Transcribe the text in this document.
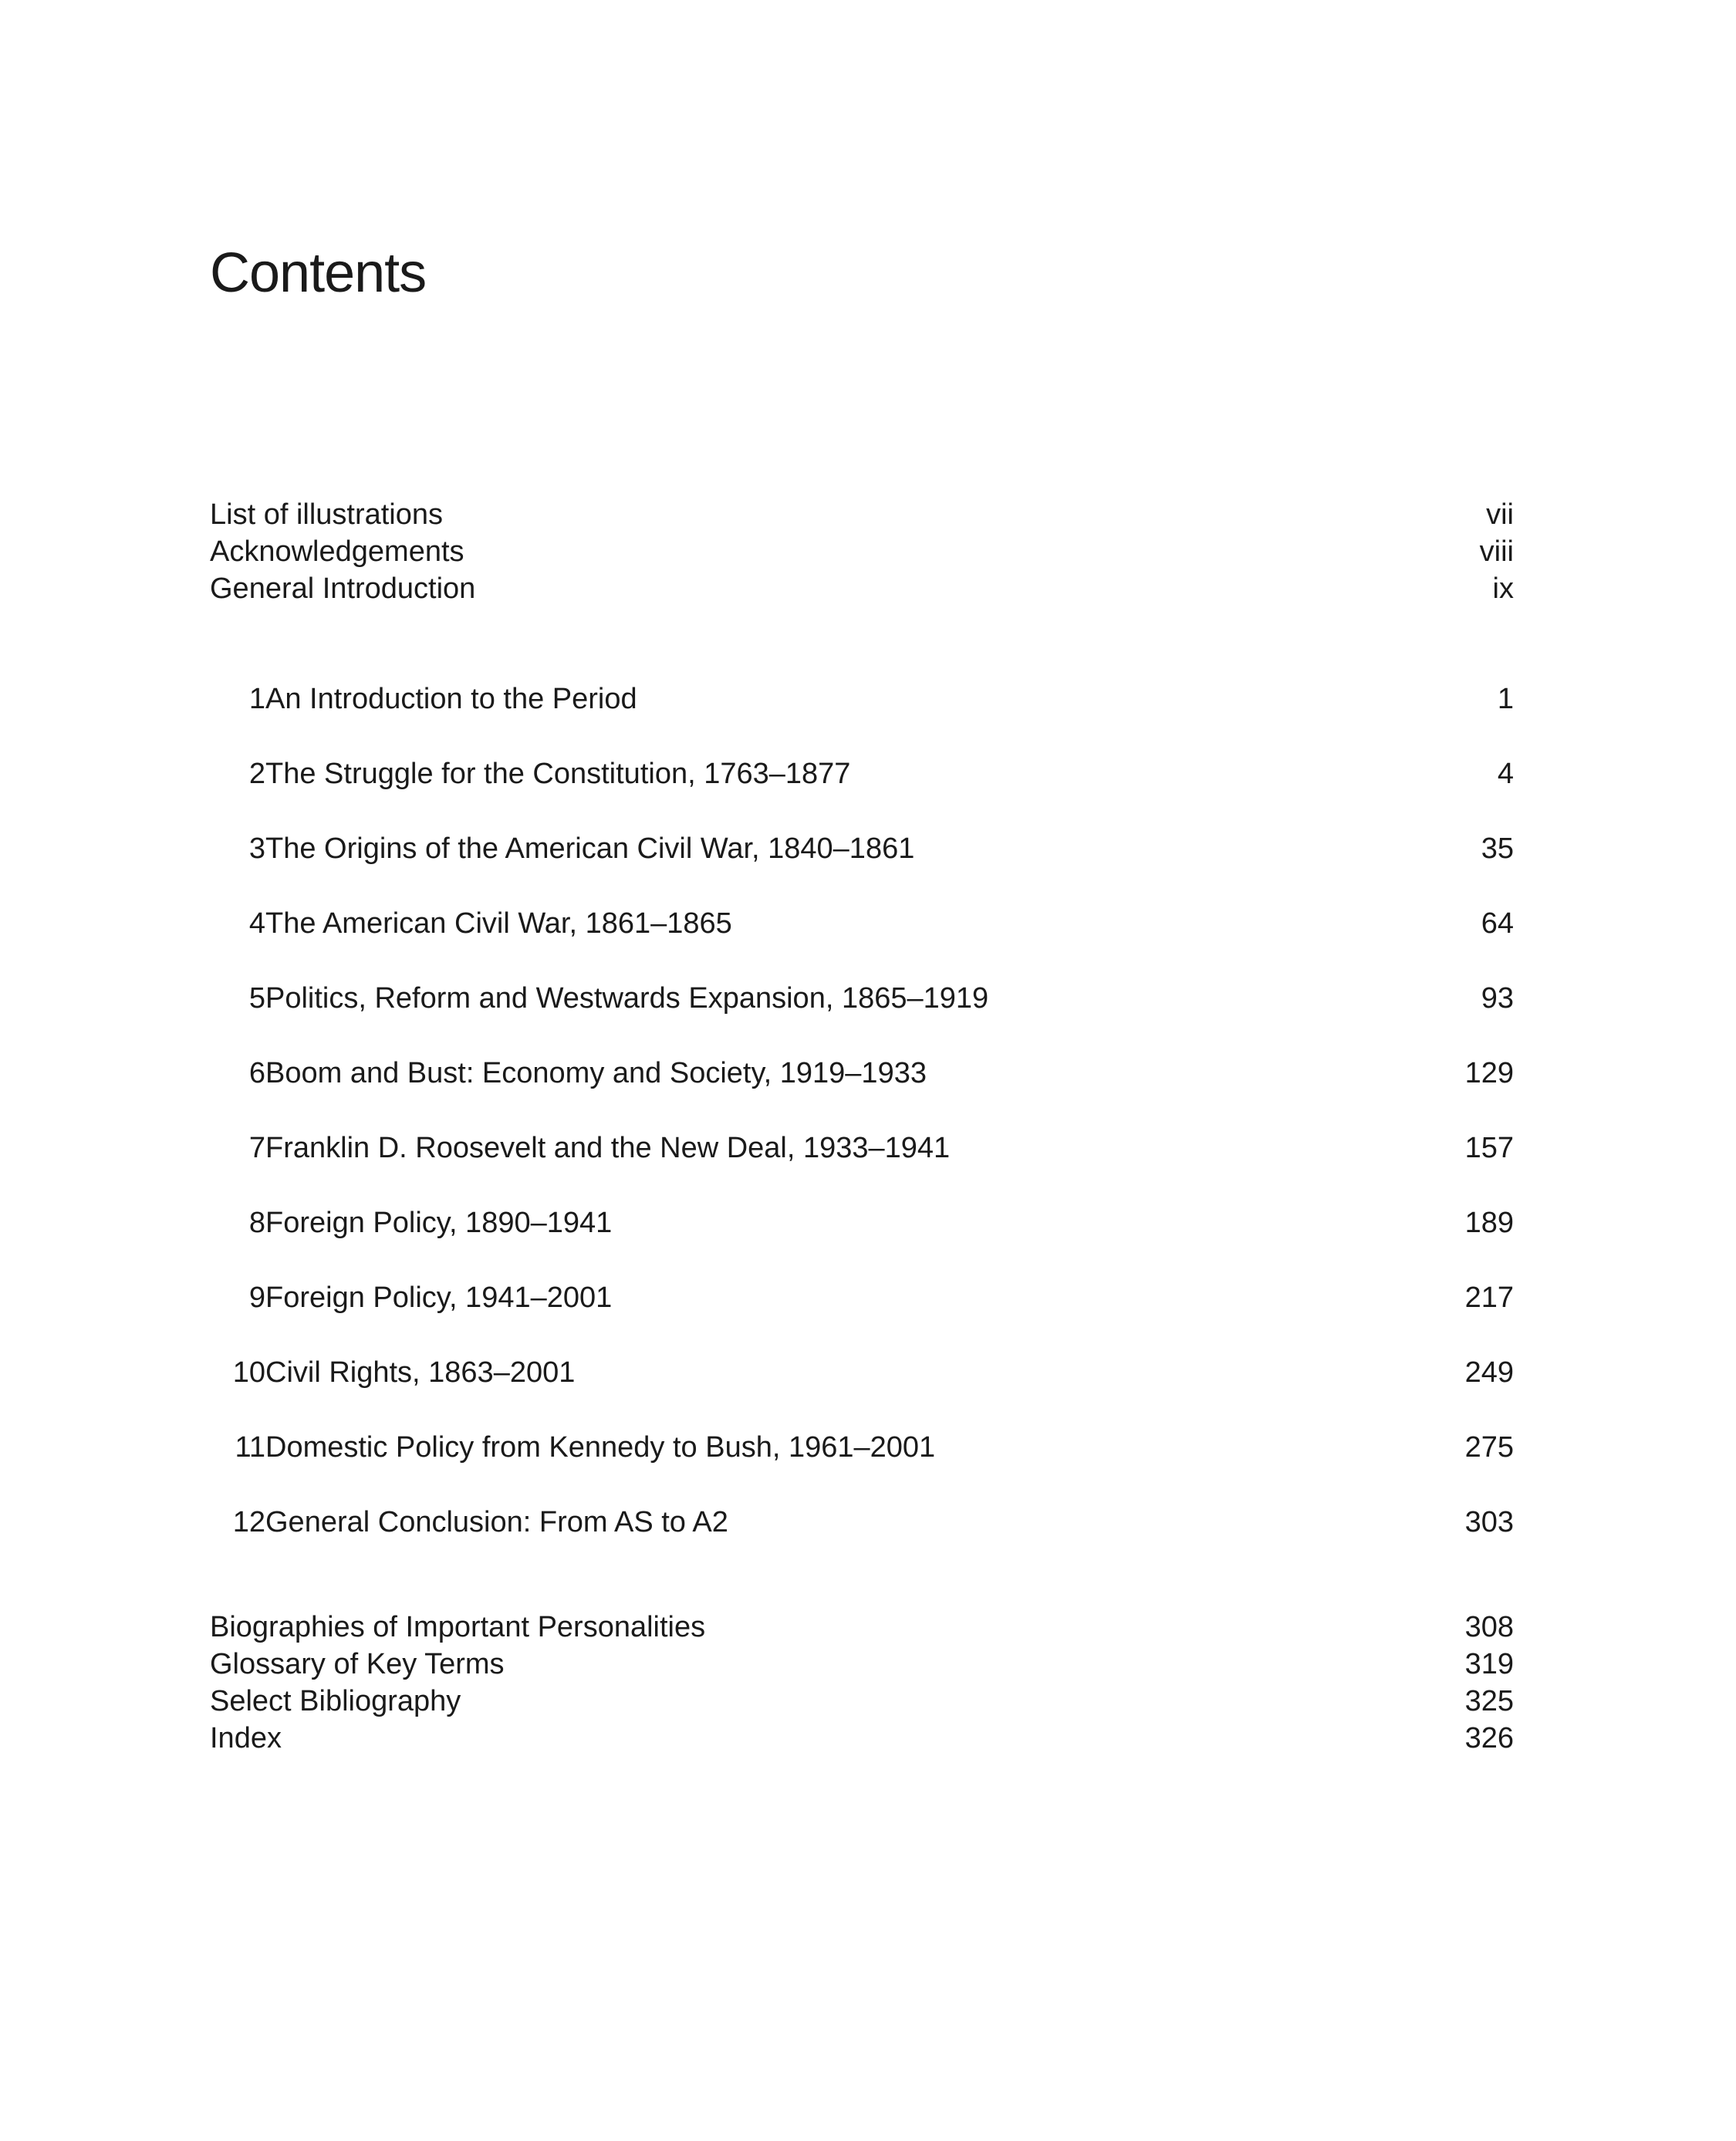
Contents
List of illustrations	vii
Acknowledgements	viii
General Introduction	ix
1 An Introduction to the Period	1
2 The Struggle for the Constitution, 1763–1877	4
3 The Origins of the American Civil War, 1840–1861	35
4 The American Civil War, 1861–1865	64
5 Politics, Reform and Westwards Expansion, 1865–1919	93
6 Boom and Bust: Economy and Society, 1919–1933	129
7 Franklin D. Roosevelt and the New Deal, 1933–1941	157
8 Foreign Policy, 1890–1941	189
9 Foreign Policy, 1941–2001	217
10 Civil Rights, 1863–2001	249
11 Domestic Policy from Kennedy to Bush, 1961–2001	275
12 General Conclusion: From AS to A2	303
Biographies of Important Personalities	308
Glossary of Key Terms	319
Select Bibliography	325
Index	326
